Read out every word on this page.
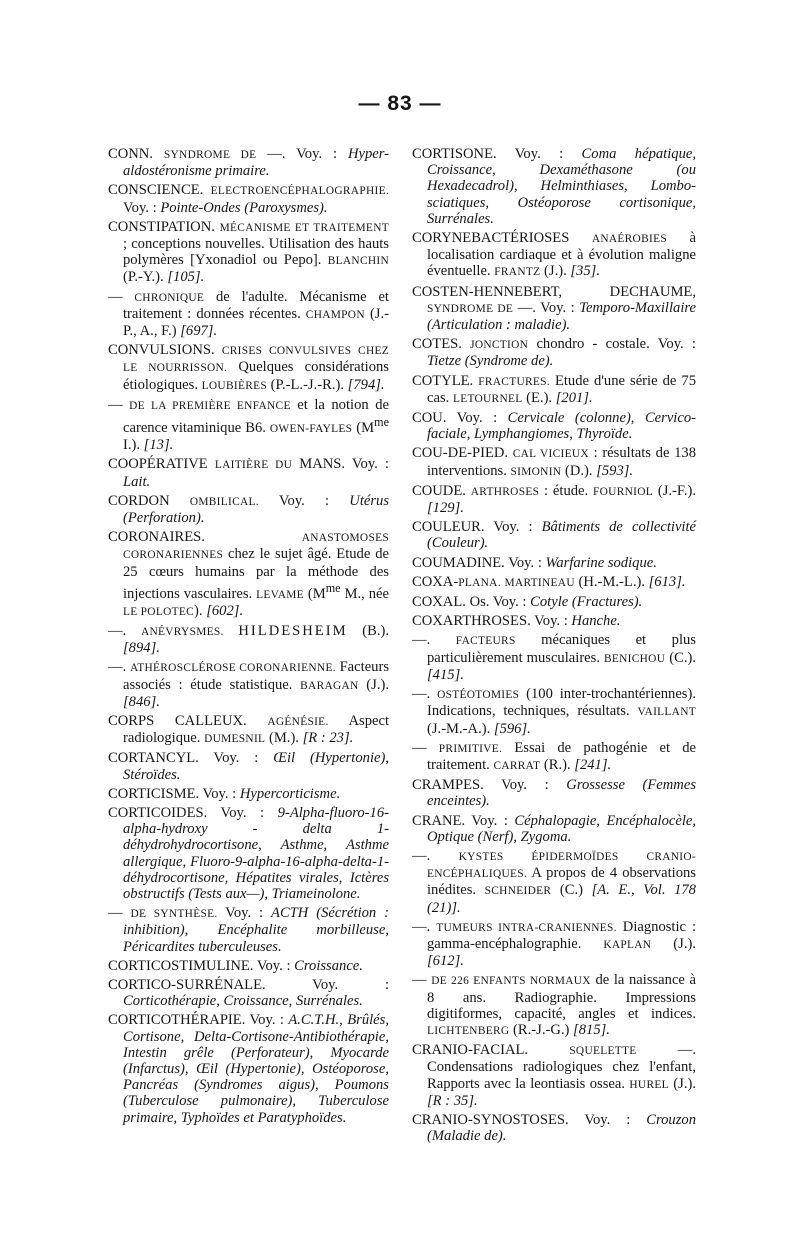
— 83 —

CONN. SYNDROME DE —. Voy. : Hyper-aldostéronisme primaire.

CONSCIENCE. ELECTROENCÉPHALOGRAPHIE. Voy. : Pointe-Ondes (Paroxysmes).

CONSTIPATION. MÉCANISME ET TRAITEMENT ; conceptions nouvelles. Utilisation des hauts polymères [Yxonadiol ou Pepo]. BLANCHIN (P.-Y.). [105].

— CHRONIQUE de l'adulte. Mécanisme et traitement : données récentes. CHAMPON (J.-P., A., F.) [697].

CONVULSIONS. CRISES CONVULSIVES CHEZ LE NOURRISSON. Quelques considérations étiologiques. LOUBIÈRES (P.-L.-J.-R.). [794].

— DE LA PREMIÈRE ENFANCE et la notion de carence vitaminique B6. OWEN-FAYLES ($M^{me}$ I.). [13].

COOPÉRATIVE LAITIÈRE DU MANS. Voy. : Lait.

CORDON OMBILICAL. Voy. : Utérus (Perforation).

CORONAIRES. ANASTOMOSES CORONARIENNES chez le sujet âgé. Etude de 25 cœurs humains par la méthode des injections vasculaires. LEVAME ($M^{me}$ M., née LE POLOTEC). [602].

—. ANÉVRYSMES. HILDESHEIM (B.). [894].

—. ATHÉROSCLÉROSE CORONARIENNE. Facteurs associés : étude statistique. BARAGAN (J.). [846].

CORPS CALLEUX. AGÉNÉSIE. Aspect radiologique. DUMESNIL (M.). [R : 23].

CORTANCYL. Voy. : Œil (Hypertonie), Stéroïdes.

CORTICISME. Voy. : Hypercorticisme.

CORTICOIDES. Voy. : 9-Alpha-fluoro-16-alpha-hydroxy - delta 1-déhydrohydrocortisone, Asthme, Asthme allergique, Fluoro-9-alpha-16-alpha-delta-1-déhydrocortisone, Hépatites virales, Ictères obstructifs (Tests aux—), Triameinolone.

— DE SYNTHÈSE. Voy. : ACTH (Sécrétion : inhibition), Encéphalite morbilleuse, Péricardites tuberculeuses.

CORTICOSTIMULINE. Voy. : Croissance.

CORTICO-SURRÉNALE. Voy. : Corticothérapie, Croissance, Surrénales.

CORTICOTHÉRAPIE. Voy. : A.C.T.H., Brûlés, Cortisone, Delta-Cortisone-Antibiothérapie, Intestin grêle (Perforateur), Myocarde (Infarctus), Œil (Hypertonie), Ostéoporose, Pancréas (Syndromes aigus), Poumons (Tuberculose pulmonaire), Tuberculose primaire, Typhoïdes et Paratyphoïdes.

CORTISONE. Voy. : Coma hépatique, Croissance, Dexaméthasone (ou Hexadecadrol), Helminthiases, Lombo-sciatiques, Ostéoporose cortisonique, Surrénales.

CORYNEBACTÉRIOSES ANAÉROBIES à localisation cardiaque et à évolution maligne éventuelle. FRANTZ (J.). [35].

COSTEN-HENNEBERT, DECHAUME, SYNDROME DE —. Voy. : Temporo-Maxillaire (Articulation : maladie).

COTES. JONCTION chondro - costale. Voy. : Tietze (Syndrome de).

COTYLE. FRACTURES. Etude d'une série de 75 cas. LETOURNEL (E.). [201].

COU. Voy. : Cervicale (colonne), Cervico-faciale, Lymphangiomes, Thyroïde.

COU-DE-PIED. CAL VICIEUX : résultats de 138 interventions. SIMONIN (D.). [593].

COUDE. ARTHROSES : étude. FOURNIOL (J.-F.). [129].

COULEUR. Voy. : Bâtiments de collectivité (Couleur).

COUMADINE. Voy. : Warfarine sodique.

COXA-PLANA. MARTINEAU (H.-M.-L.). [613].

COXAL. Os. Voy. : Cotyle (Fractures).

COXARTHROSES. Voy. : Hanche.

—. FACTEURS mécaniques et plus particulièrement musculaires. BENICHOU (C.). [415].

—. OSTÉOTOMIES (100 inter-trochantériennes). Indications, techniques, résultats. VAILLANT (J.-M.-A.). [596].

— PRIMITIVE. Essai de pathogénie et de traitement. CARRAT (R.). [241].

CRAMPES. Voy. : Grossesse (Femmes enceintes).

CRANE. Voy. : Céphalopagie, Encéphalocèle, Optique (Nerf), Zygoma.

—. KYSTES ÉPIDERMOÏDES CRANIO-ENCÉPHALIQUES. A propos de 4 observations inédites. SCHNEIDER (C.) [A. E., Vol. 178 (21)].

—. TUMEURS INTRA-CRANIENNES. Diagnostic : gamma-encéphalographie. KAPLAN (J.). [612].

— DE 226 ENFANTS NORMAUX de la naissance à 8 ans. Radiographie. Impressions digitiformes, capacité, angles et indices. LICHTENBERG (R.-J.-G.) [815].

CRANIO-FACIAL. SQUELETTE —. Condensations radiologiques chez l'enfant, Rapports avec la leontiasis ossea. HUREL (J.). [R : 35].

CRANIO-SYNOSTOSES. Voy. : Crouzon (Maladie de).
